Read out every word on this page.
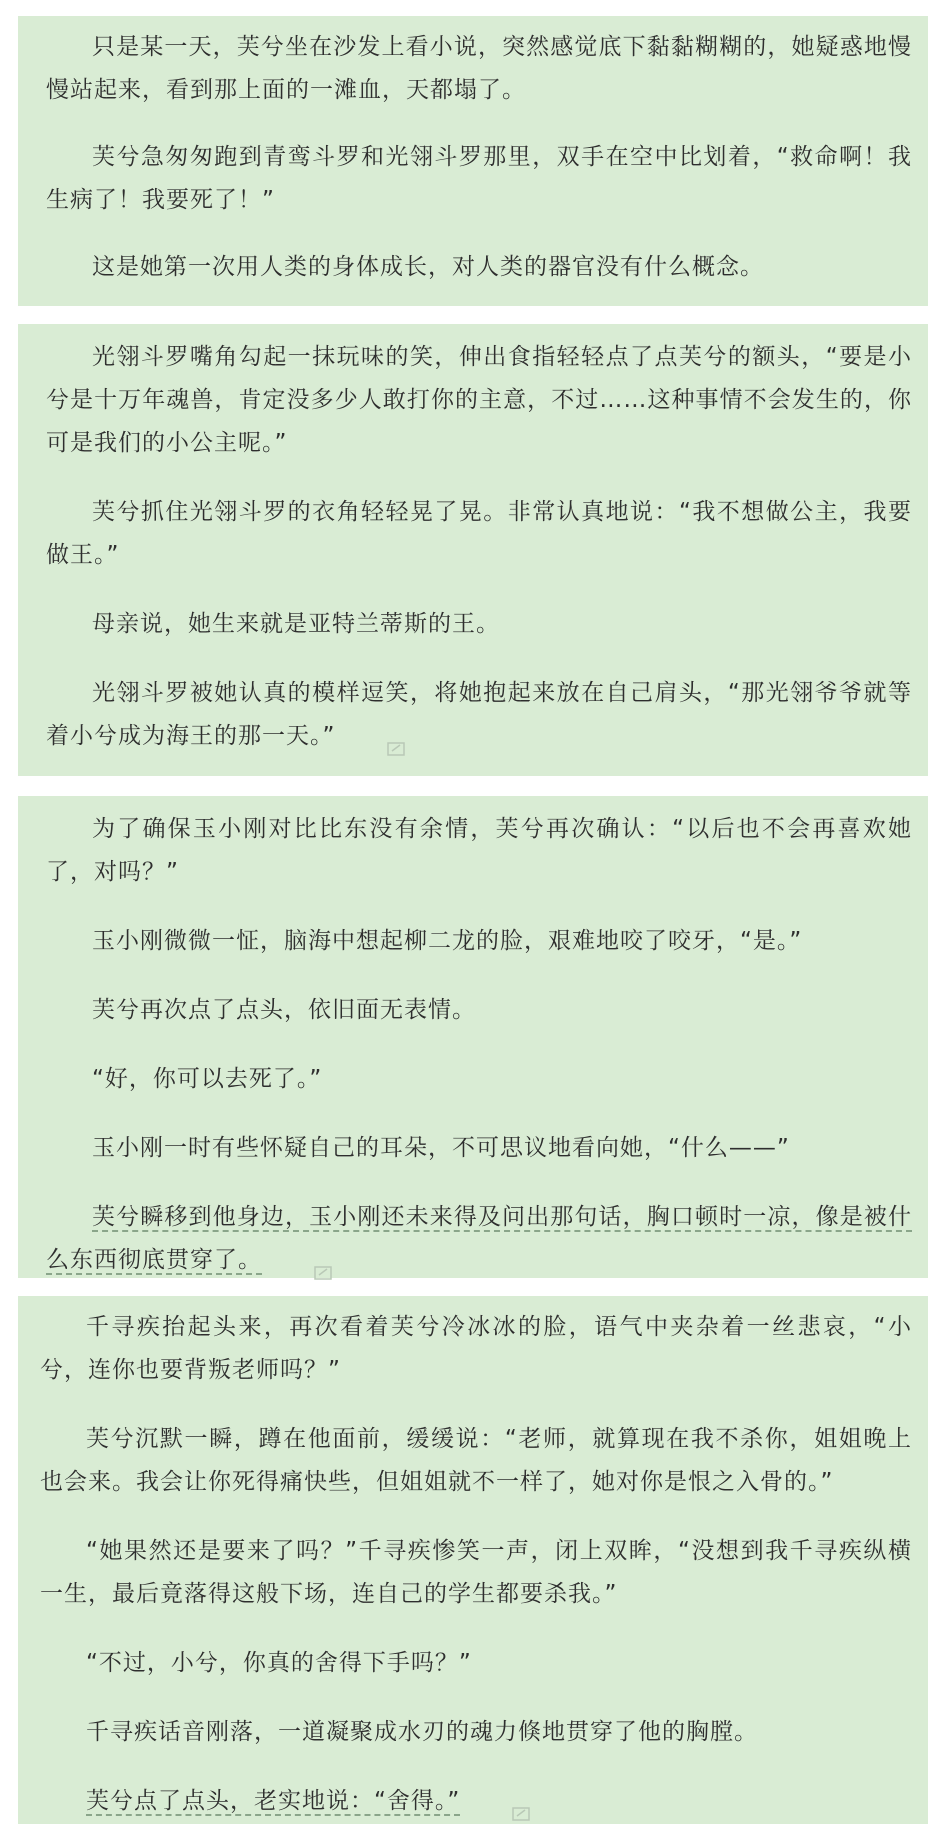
只是某一天，芙兮坐在沙发上看小说，突然感觉底下黏黏糊糊的，她疑惑地慢慢站起来，看到那上面的一滩血，天都塌了。

芙兮急匆匆跑到青鸾斗罗和光翎斗罗那里，双手在空中比划着，“救命啊！我生病了！我要死了！”

这是她第一次用人类的身体成长，对人类的器官没有什么概念。

光翎斗罗嘴角勾起一抹玩味的笑，伸出食指轻轻点了点芙兮的额头，“要是小兮是十万年魂兽，肯定没多少人敢打你的主意，不过……这种事情不会发生的，你可是我们的小公主呢。”

芙兮抓住光翎斗罗的衣角轻轻晃了晃。非常认真地说：“我不想做公主，我要做王。”

母亲说，她生来就是亚特兰蒂斯的王。

光翎斗罗被她认真的模样逗笑，将她抱起来放在自己肩头，“那光翎爷爷就等着小兮成为海王的那一天。”

为了确保玉小刚对比比东没有余情，芙兮再次确认：“以后也不会再喜欢她了，对吗？”

玉小刚微微一怔，脑海中想起柳二龙的脸，艰难地咬了咬牙，“是。”

芙兮再次点了点头，依旧面无表情。

“好，你可以去死了。”

玉小刚一时有些怀疑自己的耳朵，不可思议地看向她，“什么——”

芙兮瞬移到他身边，玉小刚还未来得及问出那句话，胸口顿时一凉，像是被什么东西彻底贯穿了。

千寻疾抬起头来，再次看着芙兮冷冰冰的脸，语气中夹杂着一丝悲哀，“小兮，连你也要背叛老师吗？”

芙兮沉默一瞬，蹲在他面前，缓缓说：“老师，就算现在我不杀你，姐姐晚上也会来。我会让你死得痛快些，但姐姐就不一样了，她对你是恨之入骨的。”

“她果然还是要来了吗？”千寻疾惨笑一声，闭上双眸，“没想到我千寻疾纵横一生，最后竟落得这般下场，连自己的学生都要杀我。”

“不过，小兮，你真的舍得下手吗？”

千寻疾话音刚落，一道凝聚成水刃的魂力倏地贯穿了他的胸膛。

芙兮点了点头，老实地说：“舍得。”
